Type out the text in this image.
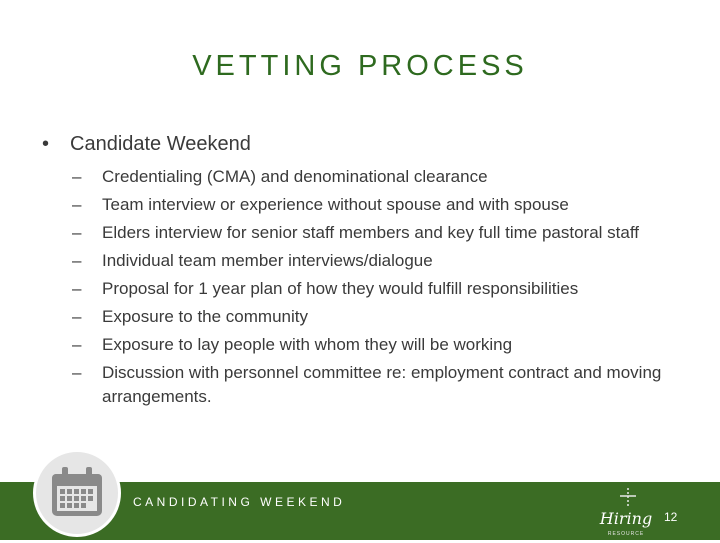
VETTING PROCESS
• Candidate Weekend
– Credentialing (CMA) and denominational clearance
– Team interview or experience without spouse and with spouse
– Elders interview for senior staff members and key full time pastoral staff
– Individual team member interviews/dialogue
– Proposal for 1 year plan of how they would fulfill responsibilities
– Exposure to the community
– Exposure to lay people with whom they will be working
– Discussion with personnel committee re: employment contract and moving arrangements.
CANDIDATING WEEKEND
Hiring
RESOURCE
12
